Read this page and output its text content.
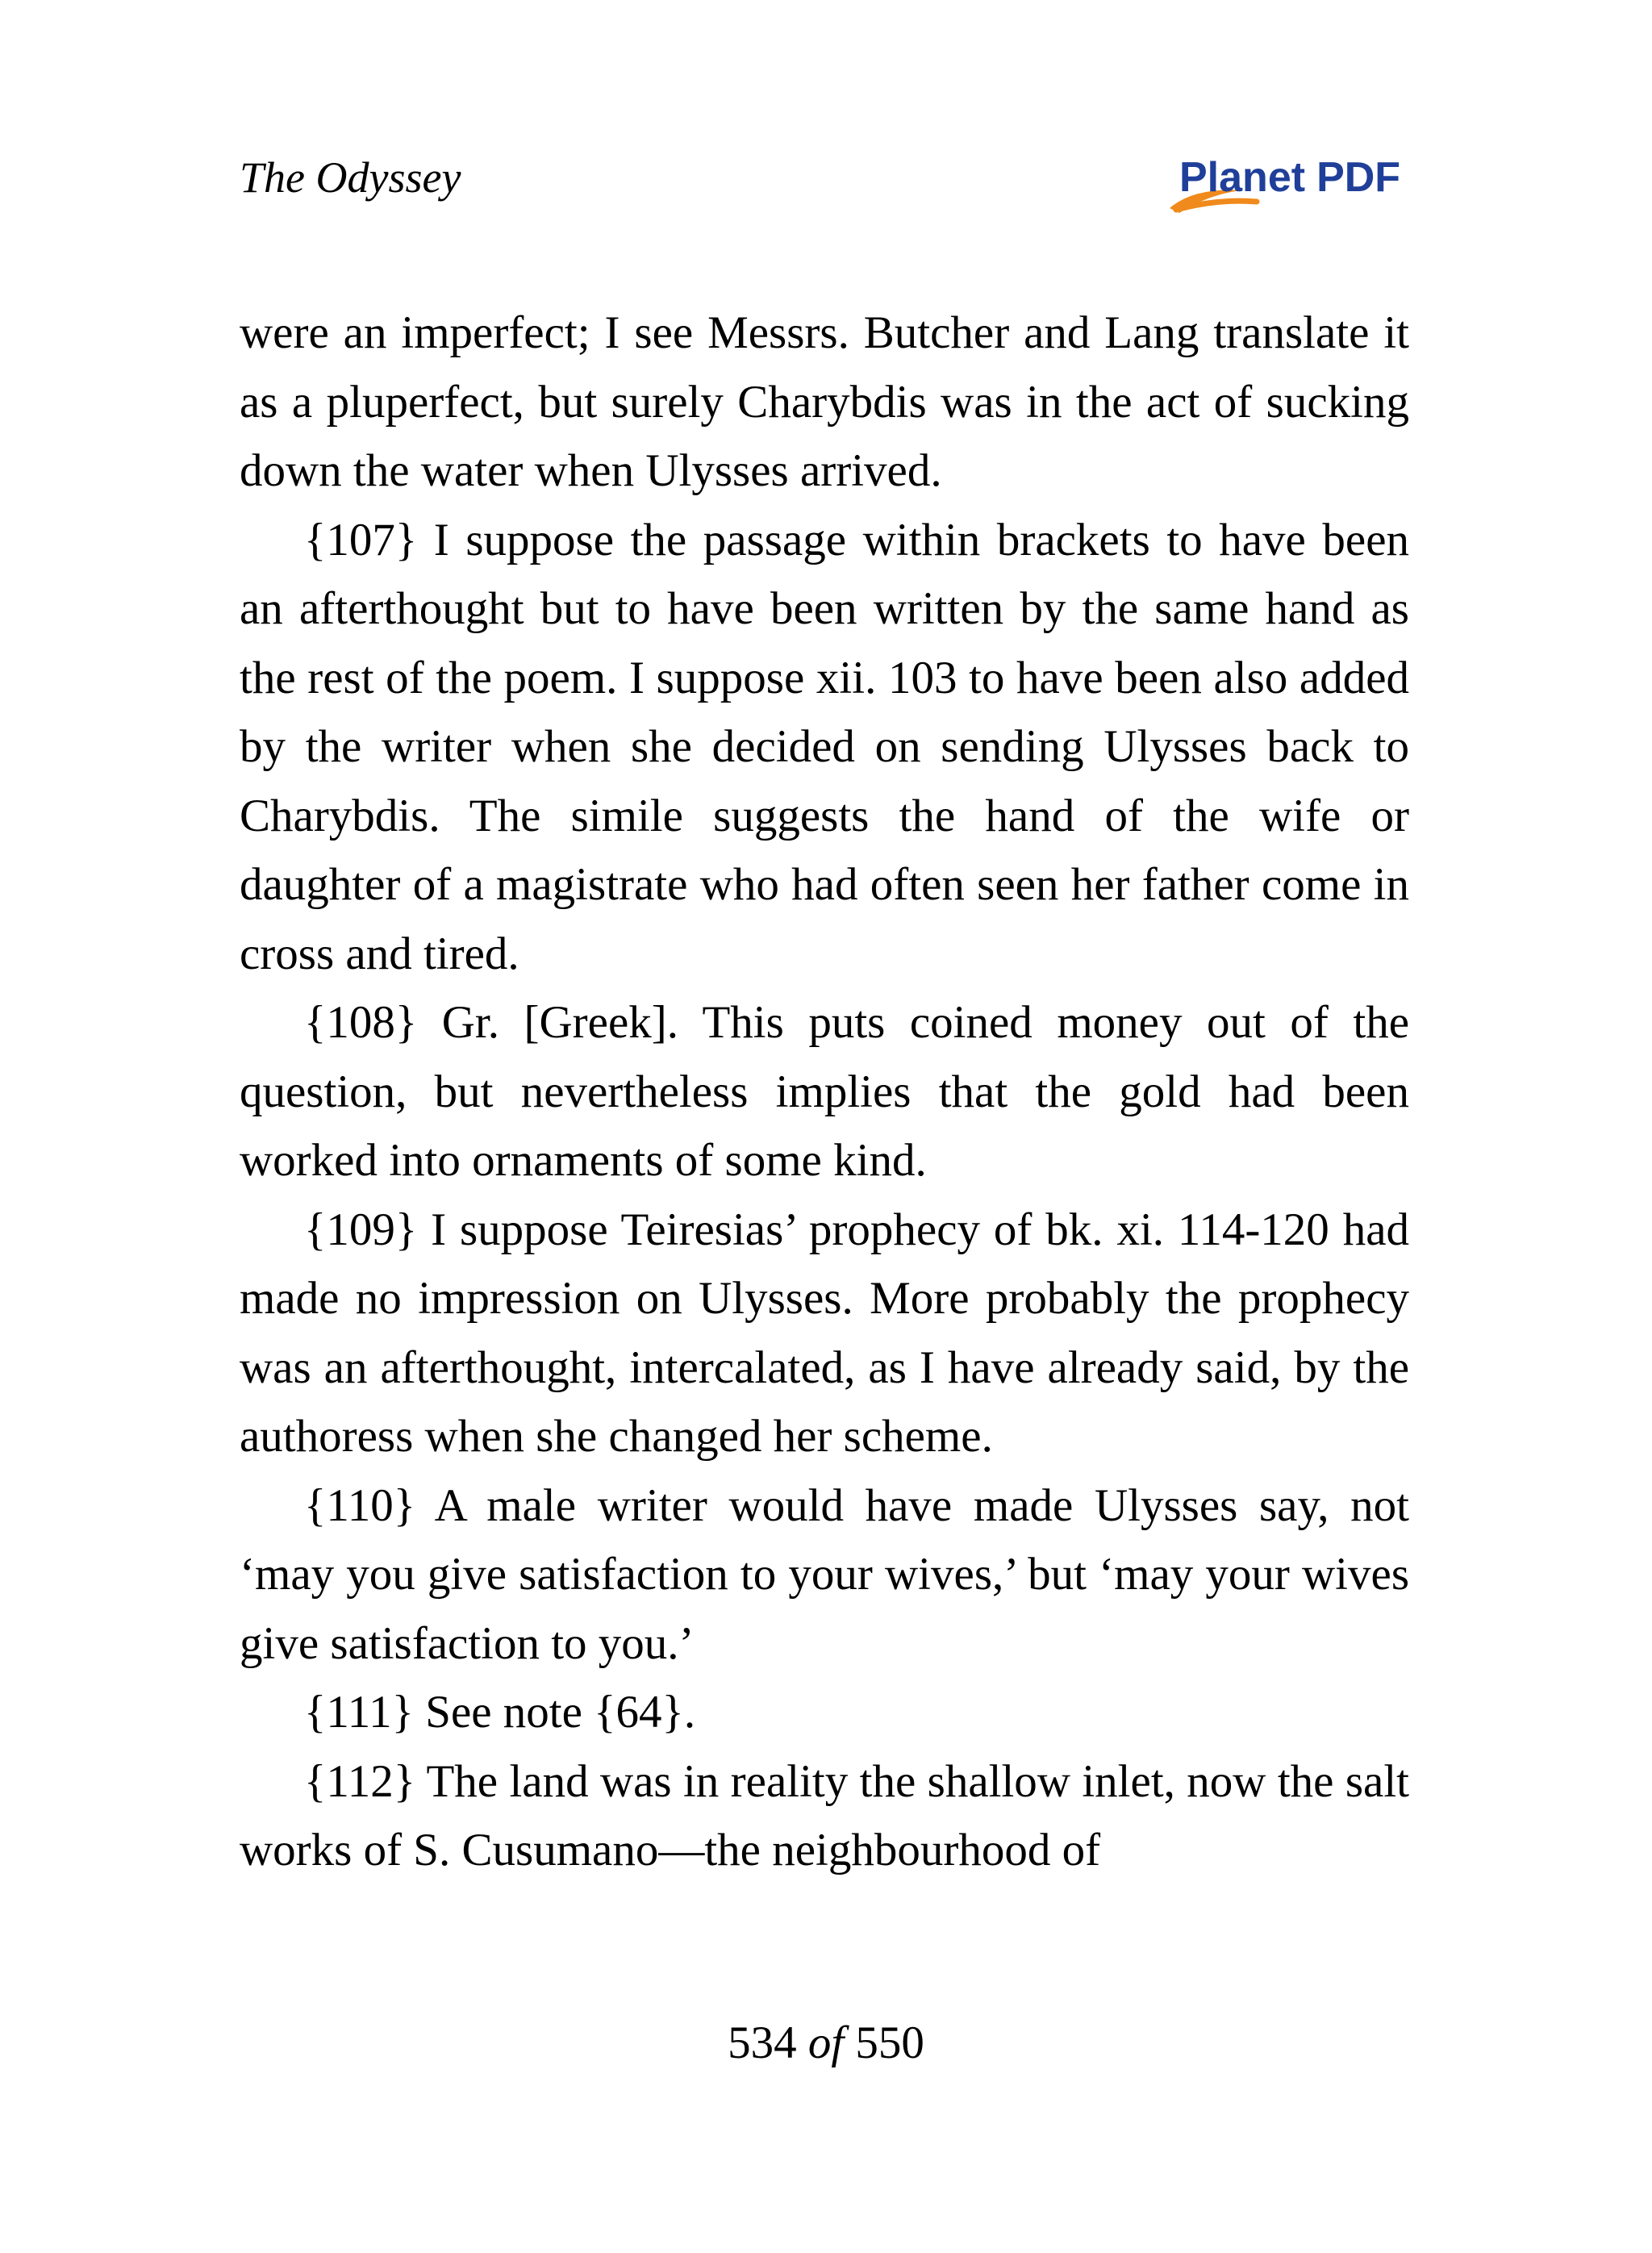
The Odyssey	Planet PDF

were an imperfect; I see Messrs. Butcher and Lang translate it as a pluperfect, but surely Charybdis was in the act of sucking down the water when Ulysses arrived.

{107} I suppose the passage within brackets to have been an afterthought but to have been written by the same hand as the rest of the poem. I suppose xii. 103 to have been also added by the writer when she decided on sending Ulysses back to Charybdis. The simile suggests the hand of the wife or daughter of a magistrate who had often seen her father come in cross and tired.

{108} Gr. [Greek]. This puts coined money out of the question, but nevertheless implies that the gold had been worked into ornaments of some kind.

{109} I suppose Teiresias’ prophecy of bk. xi. 114-120 had made no impression on Ulysses. More probably the prophecy was an afterthought, intercalated, as I have already said, by the authoress when she changed her scheme.

{110} A male writer would have made Ulysses say, not ‘may you give satisfaction to your wives,’ but ‘may your wives give satisfaction to you.’

{111} See note {64}.

{112} The land was in reality the shallow inlet, now the salt works of S. Cusumano—the neighbourhood of

534 of 550
